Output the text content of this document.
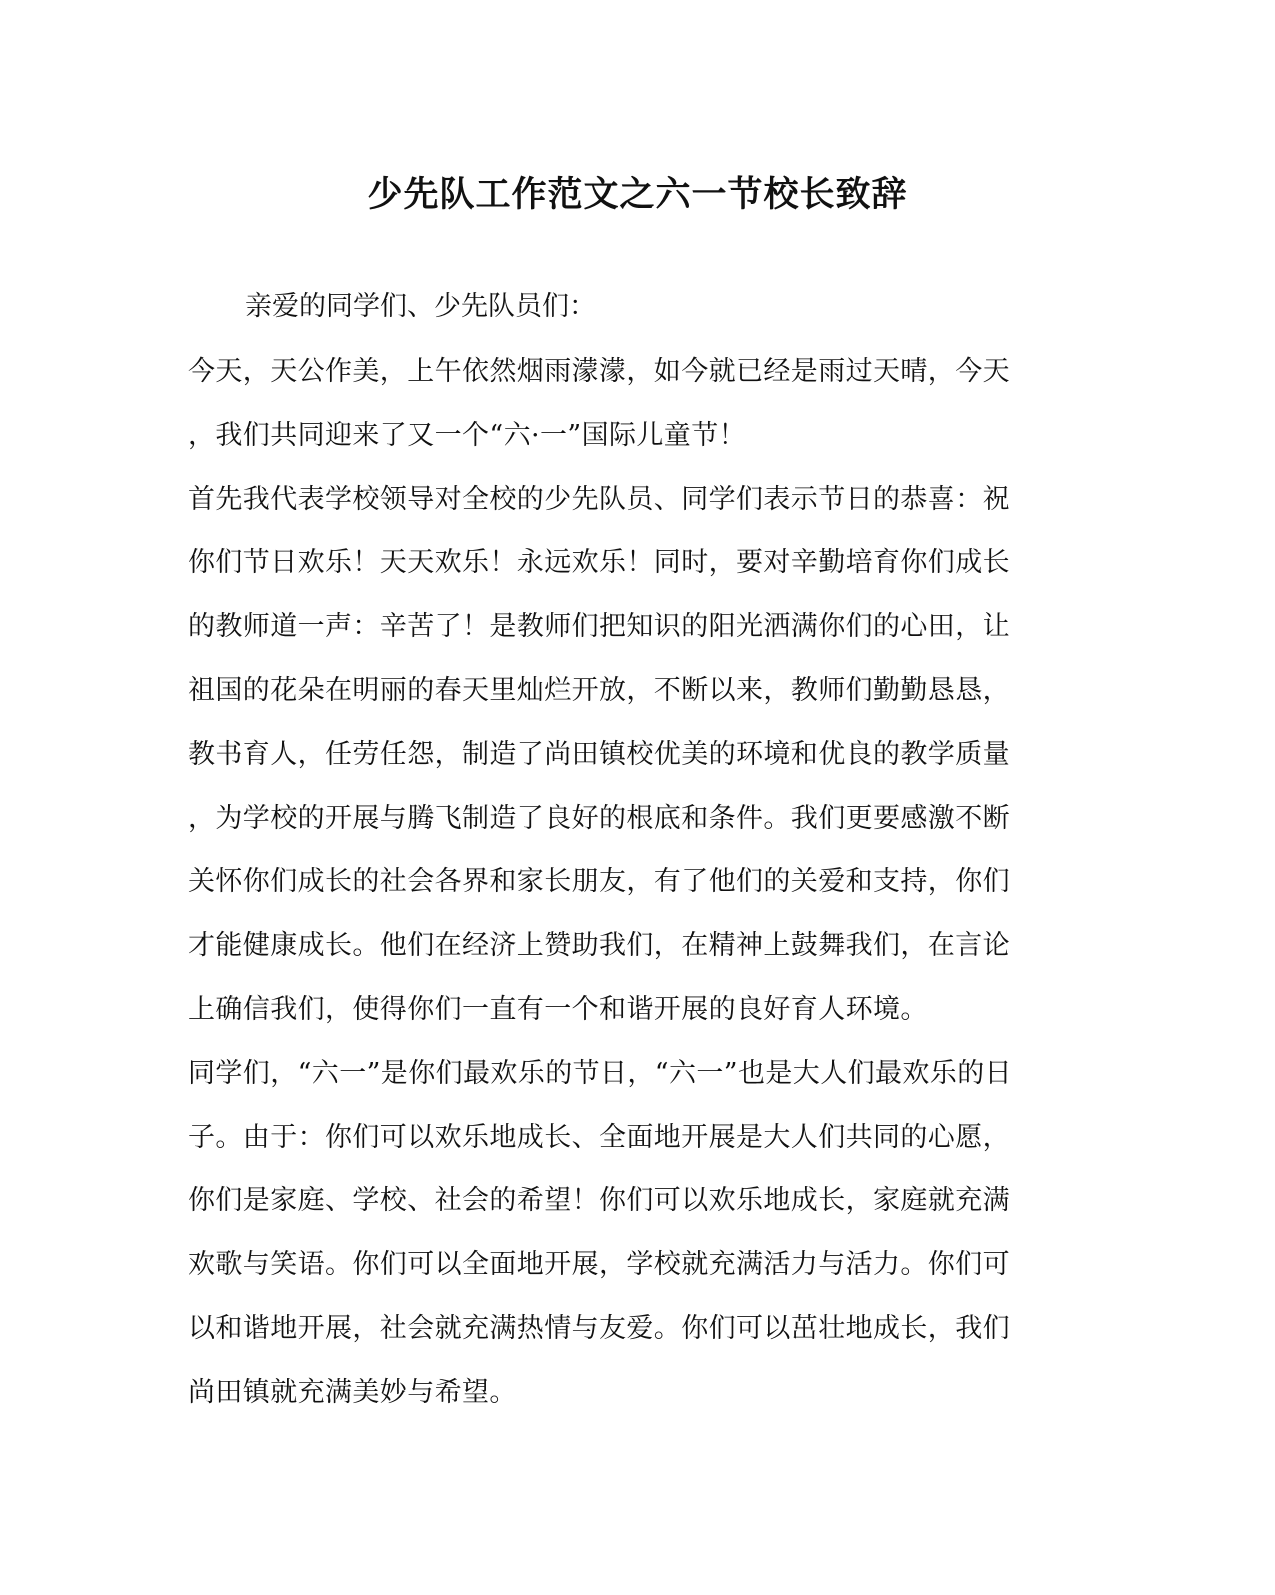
少先队工作范文之六一节校长致辞
亲爱的同学们、少先队员们：
今天，天公作美，上午依然烟雨濛濛，如今就已经是雨过天晴，今天
，我们共同迎来了又一个“六·一”国际儿童节！
首先我代表学校领导对全校的少先队员、同学们表示节日的恭喜：祝
你们节日欢乐！天天欢乐！永远欢乐！同时，要对辛勤培育你们成长
的教师道一声：辛苦了！是教师们把知识的阳光洒满你们的心田，让
祖国的花朵在明丽的春天里灿烂开放，不断以来，教师们勤勤恳恳，
教书育人，任劳任怨，制造了尚田镇校优美的环境和优良的教学质量
，为学校的开展与腾飞制造了良好的根底和条件。我们更要感激不断
关怀你们成长的社会各界和家长朋友，有了他们的关爱和支持，你们
才能健康成长。他们在经济上赞助我们，在精神上鼓舞我们，在言论
上确信我们，使得你们一直有一个和谐开展的良好育人环境。
同学们，“六一”是你们最欢乐的节日，“六一”也是大人们最欢乐的日
子。由于：你们可以欢乐地成长、全面地开展是大人们共同的心愿，
你们是家庭、学校、社会的希望！你们可以欢乐地成长，家庭就充满
欢歌与笑语。你们可以全面地开展，学校就充满活力与活力。你们可
以和谐地开展，社会就充满热情与友爱。你们可以茁壮地成长，我们
尚田镇就充满美妙与希望。
